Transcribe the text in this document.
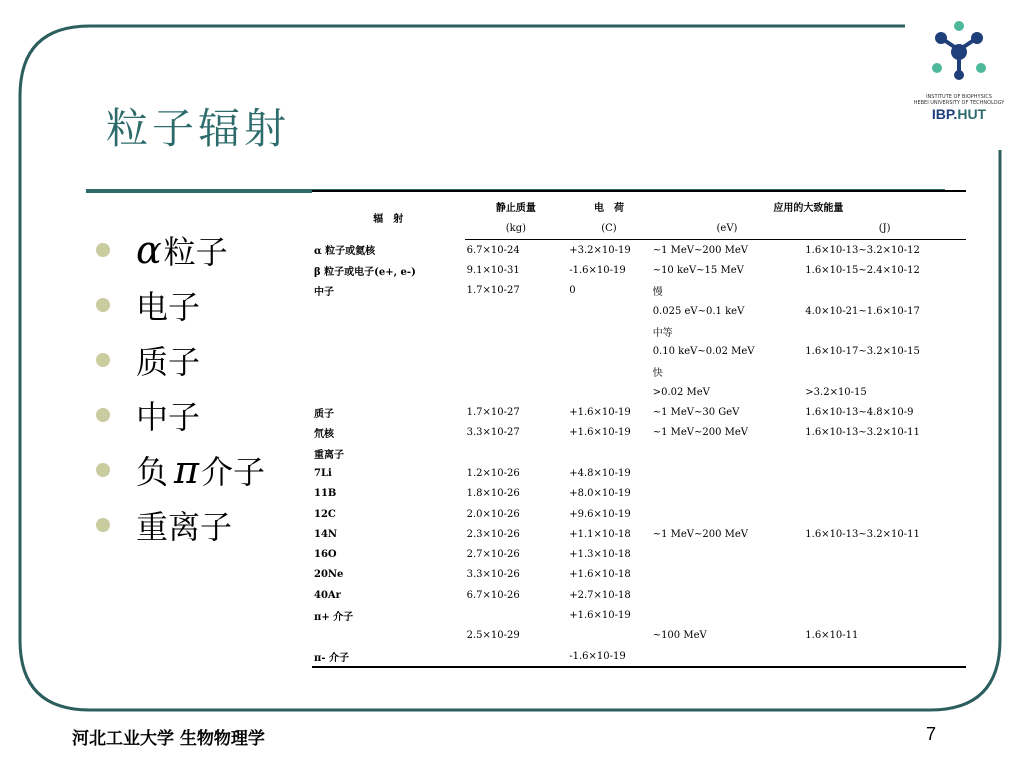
INSTITUTE OF BIOPHYSICS
HEBEI UNIVERSITY OF TECHNOLOGY
IBP.HUT
粒子辐射
α 粒子
电子
质子
中子
负 π 介子
重离子
辐　射	静止质量	电　荷	应用的大致能量	
	(kg)	(C)	(eV)	(J)
α 粒子或氦核	6.7×10-24	+3.2×10-19	~1 MeV~200 MeV	1.6×10-13~3.2×10-12
β 粒子或电子(e+, e-)	9.1×10-31	-1.6×10-19	~10 keV~15 MeV	1.6×10-15~2.4×10-12
中子	1.7×10-27	0	慢	
			0.025 eV~0.1 keV	4.0×10-21~1.6×10-17
			中等	
			0.10 keV~0.02 MeV	1.6×10-17~3.2×10-15
			快	
			>0.02 MeV	>3.2×10-15
质子	1.7×10-27	+1.6×10-19	~1 MeV~30 GeV	1.6×10-13~4.8×10-9
氘核	3.3×10-27	+1.6×10-19	~1 MeV~200 MeV	1.6×10-13~3.2×10-11
重离子				
7Li	1.2×10-26	+4.8×10-19		
11B	1.8×10-26	+8.0×10-19		
12C	2.0×10-26	+9.6×10-19		
14N	2.3×10-26	+1.1×10-18	~1 MeV~200 MeV	1.6×10-13~3.2×10-11
16O	2.7×10-26	+1.3×10-18		
20Ne	3.3×10-26	+1.6×10-18		
40Ar	6.7×10-26	+2.7×10-18		
π+ 介子		+1.6×10-19		
	2.5×10-29		~100 MeV	1.6×10-11
π- 介子		-1.6×10-19		
河北工业大学 生物物理学	7
